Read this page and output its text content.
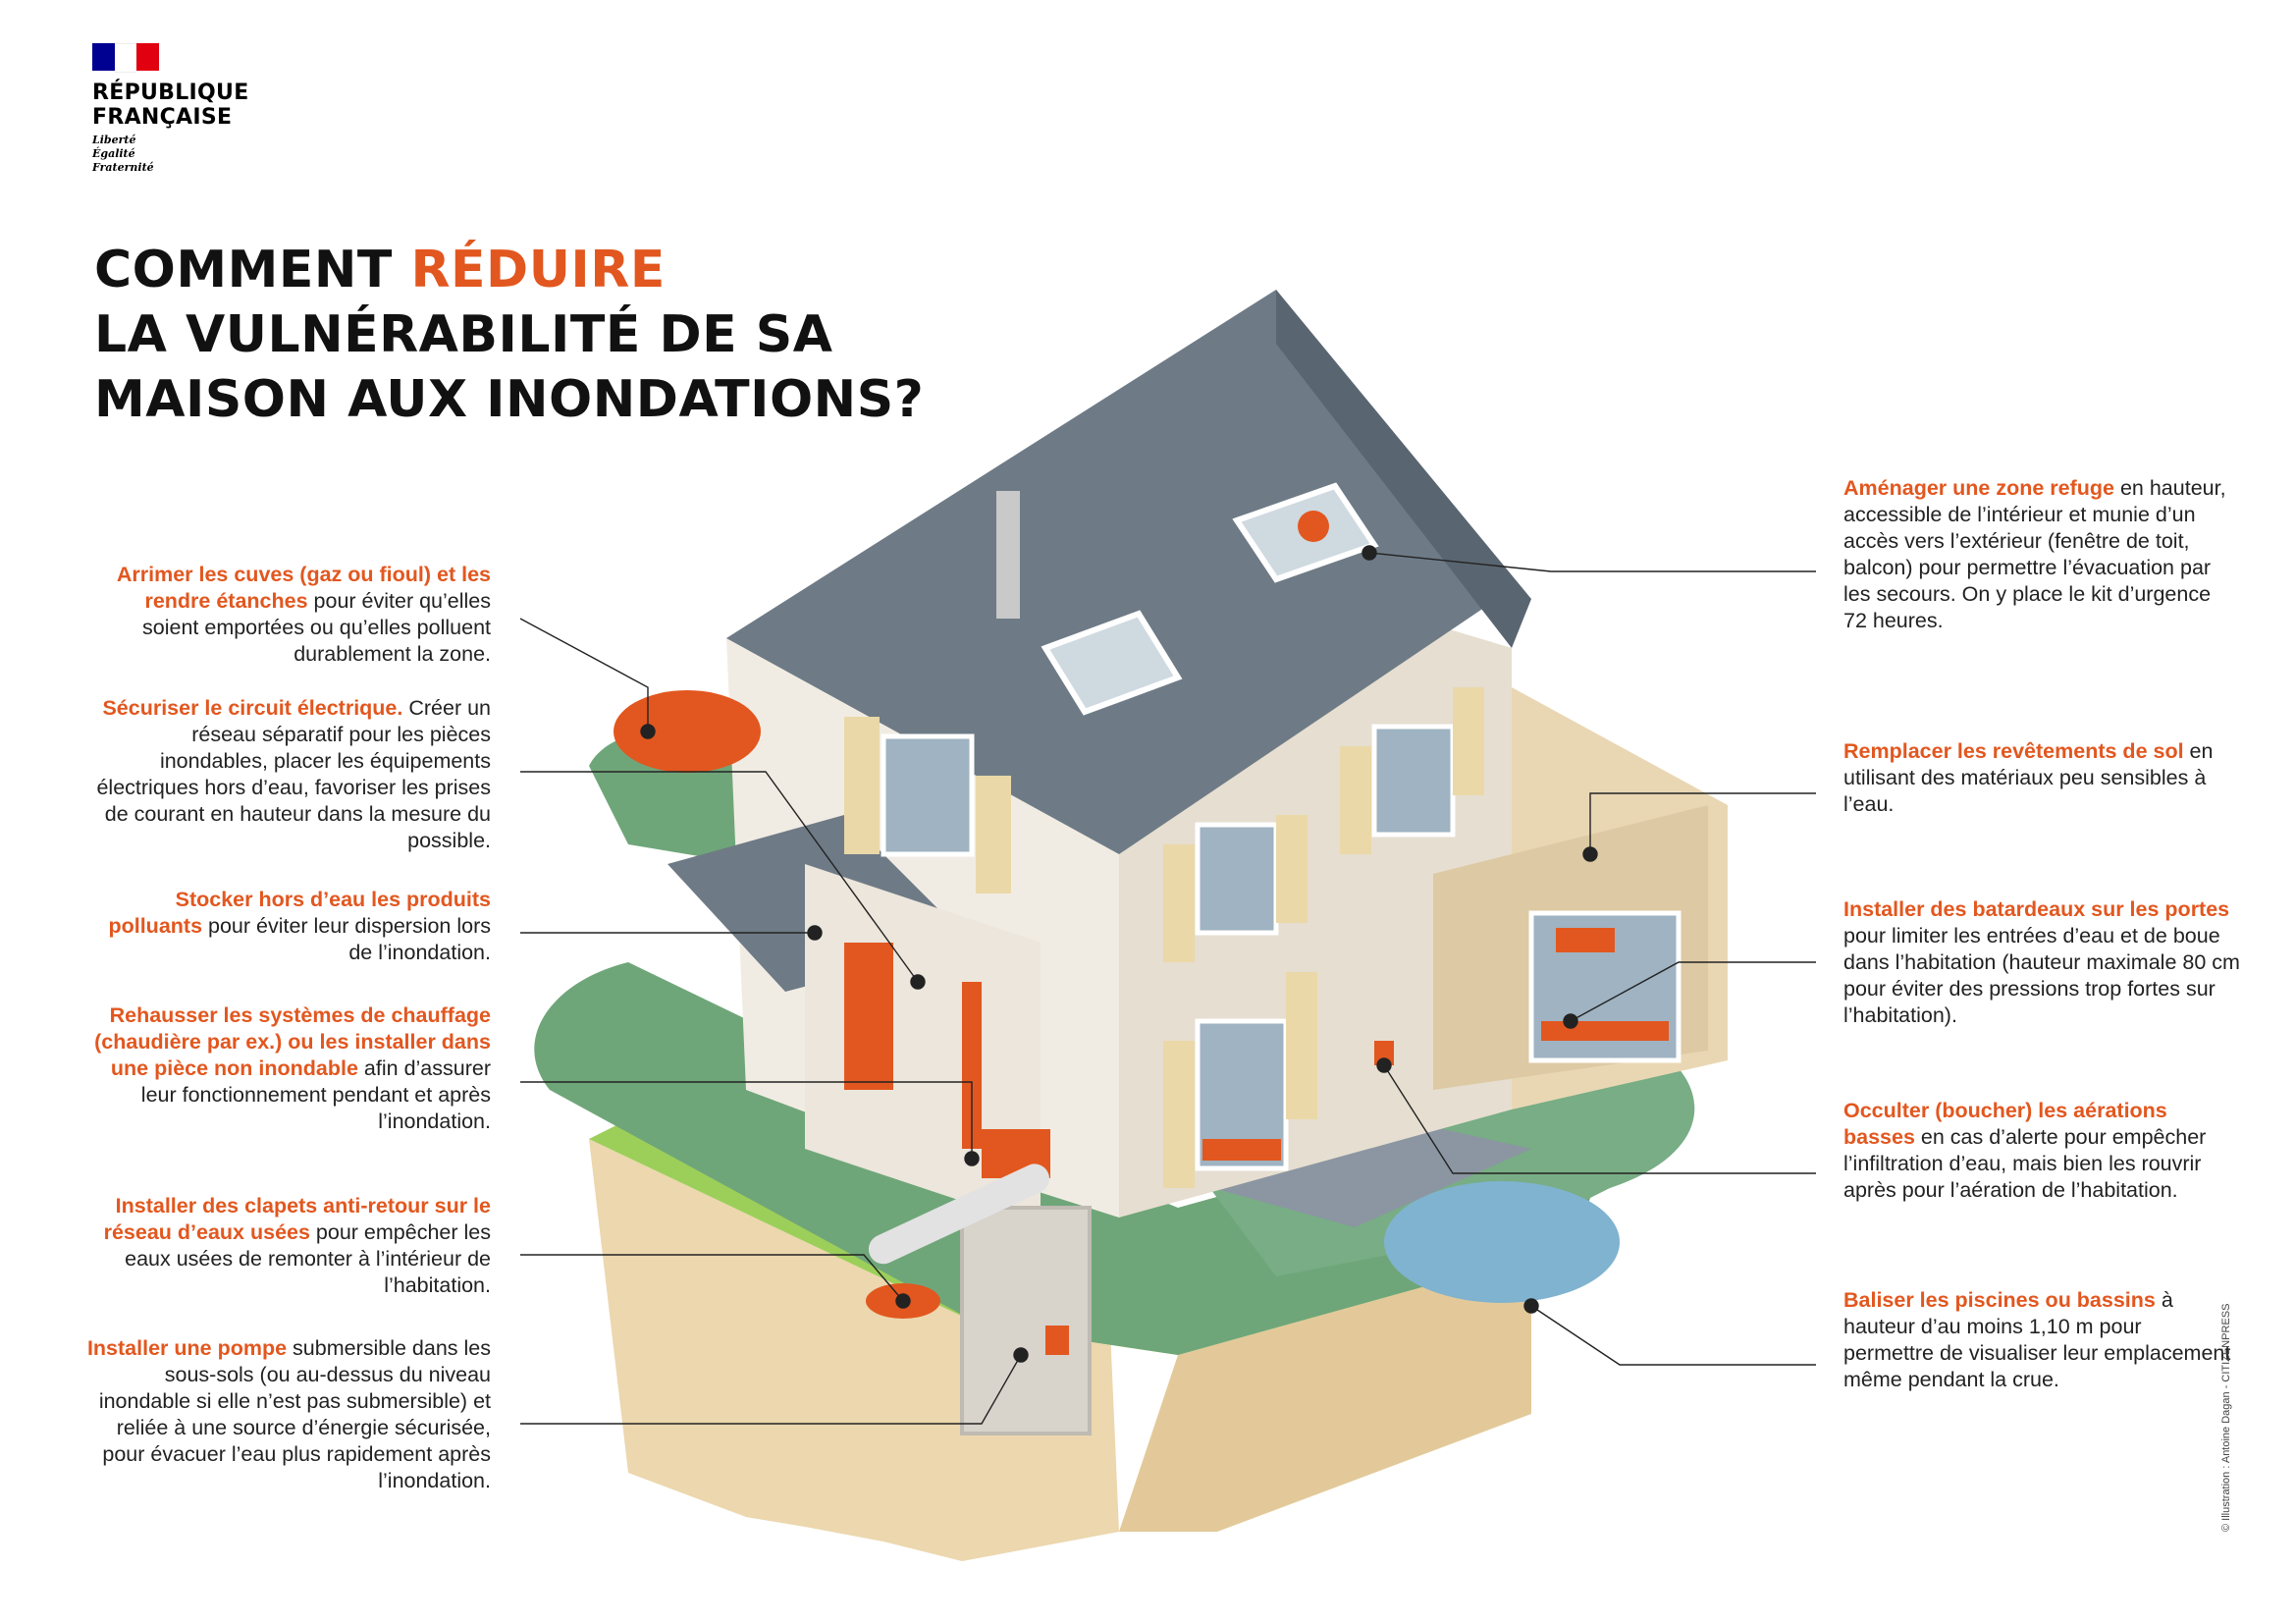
RÉPUBLIQUE
FRANÇAISE
Liberté
Égalité
Fraternité
COMMENT RÉDUIRE
LA VULNÉRABILITÉ DE SA
MAISON AUX INONDATIONS?
Arrimer les cuves (gaz ou fioul) et les rendre étanches pour éviter qu’elles soient emportées ou qu’elles polluent durablement la zone.
Sécuriser le circuit électrique. Créer un réseau séparatif pour les pièces inondables, placer les équipements électriques hors d’eau, favoriser les prises de courant en hauteur dans la mesure du possible.
Stocker hors d’eau les produits polluants pour éviter leur dispersion lors de l’inondation.
Rehausser les systèmes de chauffage (chaudière par ex.) ou les installer dans une pièce non inondable afin d’assurer leur fonctionnement pendant et après l’inondation.
Installer des clapets anti-retour sur le réseau d’eaux usées pour empêcher les eaux usées de remonter à l’intérieur de l’habitation.
Installer une pompe submersible dans les sous-sols (ou au-dessus du niveau inondable si elle n’est pas submersible) et reliée à une source d’énergie sécurisée, pour évacuer l’eau plus rapidement après l’inondation.
Aménager une zone refuge en hauteur, accessible de l’intérieur et munie d’un accès vers l’extérieur (fenêtre de toit, balcon) pour permettre l’évacuation par les secours. On y place le kit d’urgence 72 heures.
Remplacer les revêtements de sol en utilisant des matériaux peu sensibles à l’eau.
Installer des batardeaux sur les portes pour limiter les entrées d’eau et de boue dans l’habitation (hauteur maximale 80 cm pour éviter des pressions trop fortes sur l’habitation).
Occulter (boucher) les aérations basses en cas d’alerte pour empêcher l’infiltration d’eau, mais bien les rouvrir après pour l’aération de l’habitation.
Baliser les piscines ou bassins à hauteur d’au moins 1,10 m pour permettre de visualiser leur emplacement même pendant la crue.	© Illustration : Antoine Dagan - CITIZENPRESS
